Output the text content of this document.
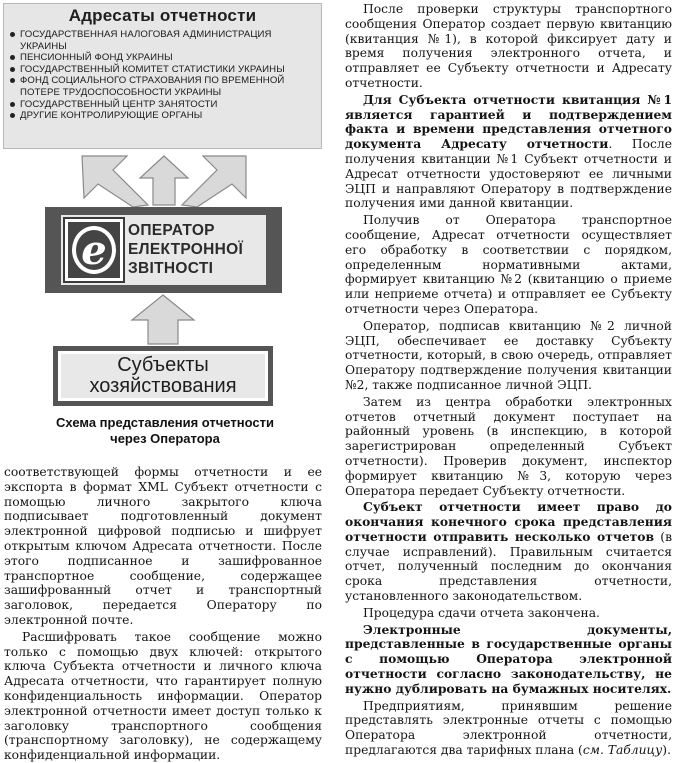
Адресаты отчетности
ГОСУДАРСТВЕННАЯ НАЛОГОВАЯ АДМИНИСТРАЦИЯ УКРАИНЫ
ПЕНСИОННЫЙ ФОНД УКРАИНЫ
ГОСУДАРСТВЕННЫЙ КОМИТЕТ СТАТИСТИКИ УКРАИНЫ
ФОНД СОЦИАЛЬНОГО СТРАХОВАНИЯ ПО ВРЕМЕННОЙ ПОТЕРЕ ТРУДОСПОСОБНОСТИ УКРАИНЫ
ГОСУДАРСТВЕННЫЙ ЦЕНТР ЗАНЯТОСТИ
ДРУГИЕ КОНТРОЛИРУЮЩИЕ ОРГАНЫ
e ОПЕРАТОР
ЕЛЕКТРОННОЇ
ЗВІТНОСТІ
Субъекты
хозяйствования
Схема представления отчетности
через Оператора

соответствующей формы отчетности и ее экспорта в формат XML Субъект отчетности с помощью личного закрытого ключа подписывает подготовленный документ электронной цифровой подписью и шифрует открытым ключом Адресата отчетности. После этого подписанное и зашифрованное транспортное сообщение, содержащее зашифрованный отчет и транспортный заголовок, передается Оператору по электронной почте.

Расшифровать такое сообщение можно только с помощью двух ключей: открытого ключа Субъекта отчетности и личного ключа Адресата отчетности, что гарантирует полную конфиденциальность информации. Оператор электронной отчетности имеет доступ только к заголовку транспортного сообщения (транспортному заголовку), не содержащему конфиденциальной информации.

После проверки структуры транспортного сообщения Оператор создает первую квитанцию (квитанция №1), в которой фиксирует дату и время получения электронного отчета, и отправляет ее Субъекту отчетности и Адресату отчетности.

Для Субъекта отчетности квитанция №1 является гарантией и подтверждением факта и времени представления отчетного документа Адресату отчетности. После получения квитанции №1 Субъект отчетности и Адресат отчетности удостоверяют ее личными ЭЦП и направляют Оператору в подтверждение получения ими данной квитанции.

Получив от Оператора транспортное сообщение, Адресат отчетности осуществляет его обработку в соответствии с порядком, определенным нормативными актами, формирует квитанцию №2 (квитанцию о приеме или неприеме отчета) и отправляет ее Субъекту отчетности через Оператора.

Оператор, подписав квитанцию №2 личной ЭЦП, обеспечивает ее доставку Субъекту отчетности, который, в свою очередь, отправляет Оператору подтверждение получения квитанции №2, также подписанное личной ЭЦП.

Затем из центра обработки электронных отчетов отчетный документ поступает на районный уровень (в инспекцию, в которой зарегистрирован определенный Субъект отчетности). Проверив документ, инспектор формирует квитанцию №3, которую через Оператора передает Субъекту отчетности.

Субъект отчетности имеет право до окончания конечного срока представления отчетности отправить несколько отчетов (в случае исправлений). Правильным считается отчет, полученный последним до окончания срока представления отчетности, установленного законодательством.

Процедура сдачи отчета закончена.

Электронные документы, представленные в государственные органы с помощью Оператора электронной отчетности согласно законодательству, не нужно дублировать на бумажных носителях.

Предприятиям, принявшим решение представлять электронные отчеты с помощью Оператора электронной отчетности, предлагаются два тарифных плана (см. Таблицу).
